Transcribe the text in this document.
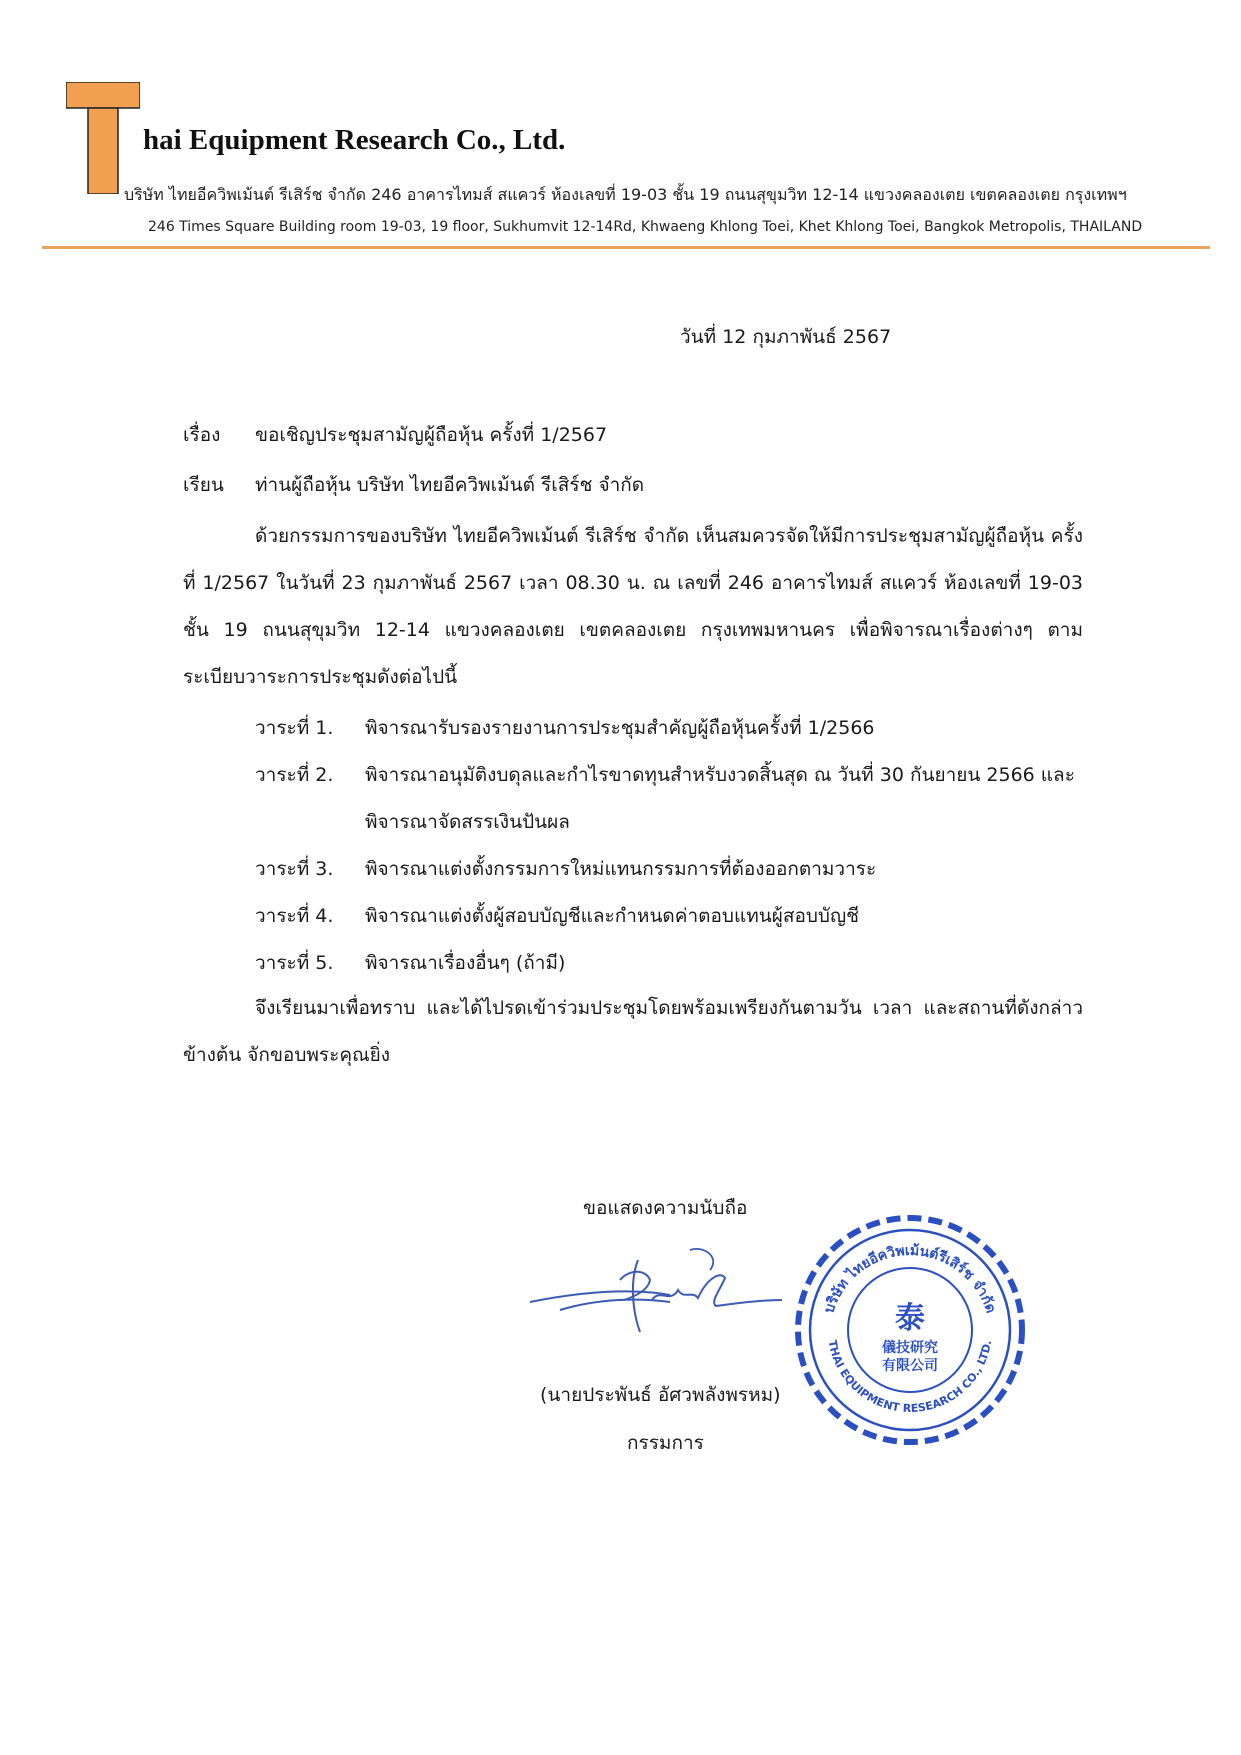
hai Equipment Research Co., Ltd.
บริษัท ไทยอีควิพเม้นต์ รีเสิร์ช จำกัด 246 อาคารไทมส์ สแควร์ ห้องเลขที่ 19-03 ชั้น 19 ถนนสุขุมวิท 12-14 แขวงคลองเตย เขตคลองเตย กรุงเทพฯ
246 Times Square Building room 19-03, 19 floor, Sukhumvit 12-14Rd, Khwaeng Khlong Toei, Khet Khlong Toei, Bangkok Metropolis, THAILAND
วันที่ 12 กุมภาพันธ์ 2567
เรื่อง ขอเชิญประชุมสามัญผู้ถือหุ้น ครั้งที่ 1/2567
เรียน ท่านผู้ถือหุ้น บริษัท ไทยอีควิพเม้นต์ รีเสิร์ช จำกัด
ด้วยกรรมการของบริษัท ไทยอีควิพเม้นต์ รีเสิร์ช จำกัด เห็นสมควรจัดให้มีการประชุมสามัญผู้ถือหุ้น ครั้งที่ 1/2567 ในวันที่ 23 กุมภาพันธ์ 2567 เวลา 08.30 น. ณ เลขที่ 246 อาคารไทมส์ สแควร์ ห้องเลขที่ 19-03 ชั้น 19 ถนนสุขุมวิท 12-14 แขวงคลองเตย เขตคลองเตย กรุงเทพมหานคร เพื่อพิจารณาเรื่องต่างๆ ตามระเบียบวาระการประชุมดังต่อไปนี้
วาระที่ 1.	พิจารณารับรองรายงานการประชุมสำคัญผู้ถือหุ้นครั้งที่ 1/2566
วาระที่ 2.	พิจารณาอนุมัติงบดุลและกำไรขาดทุนสำหรับงวดสิ้นสุด ณ วันที่ 30 กันยายน 2566 และพิจารณาจัดสรรเงินปันผล
วาระที่ 3.	พิจารณาแต่งตั้งกรรมการใหม่แทนกรรมการที่ต้องออกตามวาระ
วาระที่ 4.	พิจารณาแต่งตั้งผู้สอบบัญชีและกำหนดค่าตอบแทนผู้สอบบัญชี
วาระที่ 5.	พิจารณาเรื่องอื่นๆ (ถ้ามี)
จึงเรียนมาเพื่อทราบ และได้ไปรดเข้าร่วมประชุมโดยพร้อมเพรียงกันตามวัน เวลา และสถานที่ดังกล่าวข้างต้น จักขอบพระคุณยิ่ง
ขอแสดงความนับถือ
(นายประพันธ์ อัศวพลังพรหม)
กรรมการ
บริษัท ไทยอีควิพเม้นต์รีเสิร์ช จำกัด
THAI EQUIPMENT RESEARCH CO., LTD.
泰
儀技研究
有限公司
